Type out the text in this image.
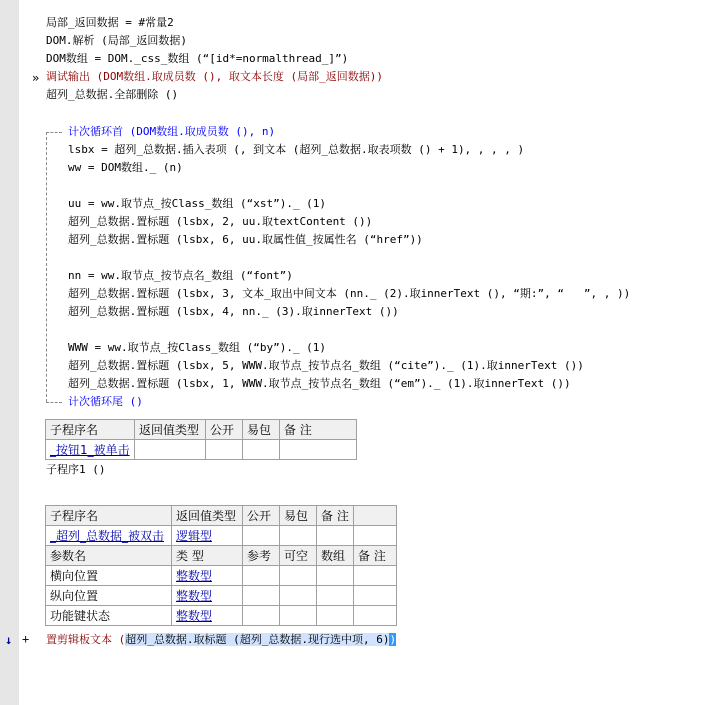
局部_返回数据 = #常量2
DOM.解析 (局部_返回数据)
DOM数组 = DOM._css_数组 (“[id*=normalthread_]”)
» 调试输出 (DOM数组.取成员数 (), 取文本长度 (局部_返回数据))
超列_总数据.全部删除 ()
计次循环首 (DOM数组.取成员数 (), n)
lsbx = 超列_总数据.插入表项 (, 到文本 (超列_总数据.取表项数 () + 1), , , , )
ww = DOM数组._ (n)
uu = ww.取节点_按Class_数组 (“xst”)._ (1)
超列_总数据.置标题 (lsbx, 2, uu.取textContent ())
超列_总数据.置标题 (lsbx, 6, uu.取属性值_按属性名 (“href”))
nn = ww.取节点_按节点名_数组 (“font”)
超列_总数据.置标题 (lsbx, 3, 文本_取出中间文本 (nn._ (2).取innerText (), “期:”, “   ”, , ))
超列_总数据.置标题 (lsbx, 4, nn._ (3).取innerText ())
WWW = ww.取节点_按Class_数组 (“by”)._ (1)
超列_总数据.置标题 (lsbx, 5, WWW.取节点_按节点名_数组 (“cite”)._ (1).取innerText ())
超列_总数据.置标题 (lsbx, 1, WWW.取节点_按节点名_数组 (“em”)._ (1).取innerText ())
计次循环尾 ()
子程序名	返回值类型	公开	易包	备 注
_按钮1_被单击				
子程序1 ()
子程序名	返回值类型	公开	易包	备 注	
_超列_总数据_被双击	逻辑型				
参数名	类 型	参考	可空	数组	备 注
横向位置	整数型				
纵向位置	整数型				
功能键状态	整数型				
↓ + 置剪辑板文本 (超列_总数据.取标题 (超列_总数据.现行选中项, 6))
